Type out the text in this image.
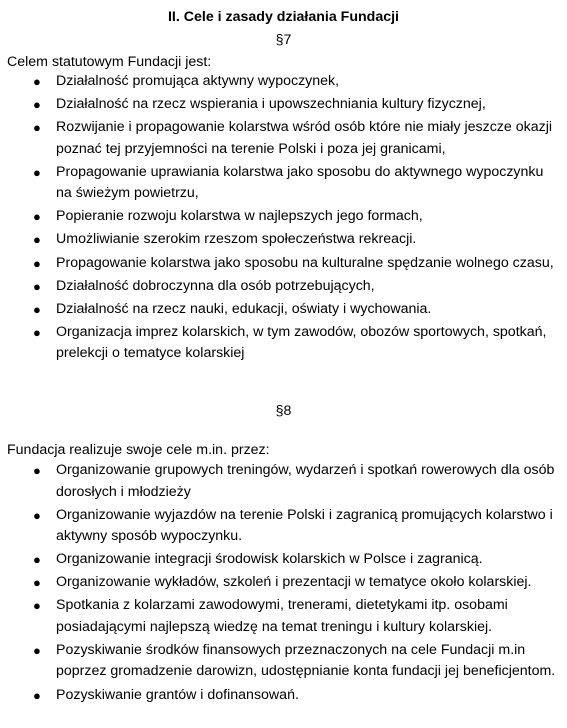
II. Cele i zasady działania Fundacji
§7
Celem statutowym Fundacji jest:
● Działalność promująca aktywny wypoczynek,
● Działalność na rzecz wspierania i upowszechniania kultury fizycznej,
● Rozwijanie i propagowanie kolarstwa wśród osób które nie miały jeszcze okazji poznać tej przyjemności na terenie Polski i poza jej granicami,
● Propagowanie uprawiania kolarstwa jako sposobu do aktywnego wypoczynku na świeżym powietrzu,
● Popieranie rozwoju kolarstwa w najlepszych jego formach,
● Umożliwianie szerokim rzeszom społeczeństwa rekreacji.
● Propagowanie kolarstwa jako sposobu na kulturalne spędzanie wolnego czasu,
● Działalność dobroczynna dla osób potrzebujących,
● Działalność na rzecz nauki, edukacji, oświaty i wychowania.
● Organizacja imprez kolarskich, w tym zawodów, obozów sportowych, spotkań, prelekcji o tematyce kolarskiej
§8
Fundacja realizuje swoje cele m.in. przez:
● Organizowanie grupowych treningów, wydarzeń i spotkań rowerowych dla osób dorosłych i młodzieży
● Organizowanie wyjazdów na terenie Polski i zagranicą promujących kolarstwo i aktywny sposób wypoczynku.
● Organizowanie integracji środowisk kolarskich w Polsce i zagranicą.
● Organizowanie wykładów, szkoleń i prezentacji w tematyce około kolarskiej.
● Spotkania z kolarzami zawodowymi, trenerami, dietetykami itp. osobami posiadającymi najlepszą wiedzę na temat treningu i kultury kolarskiej.
● Pozyskiwanie środków finansowych przeznaczonych na cele Fundacji m.in poprzez gromadzenie darowizn, udostępnianie konta fundacji jej beneficjentom.
● Pozyskiwanie grantów i dofinansowań.
